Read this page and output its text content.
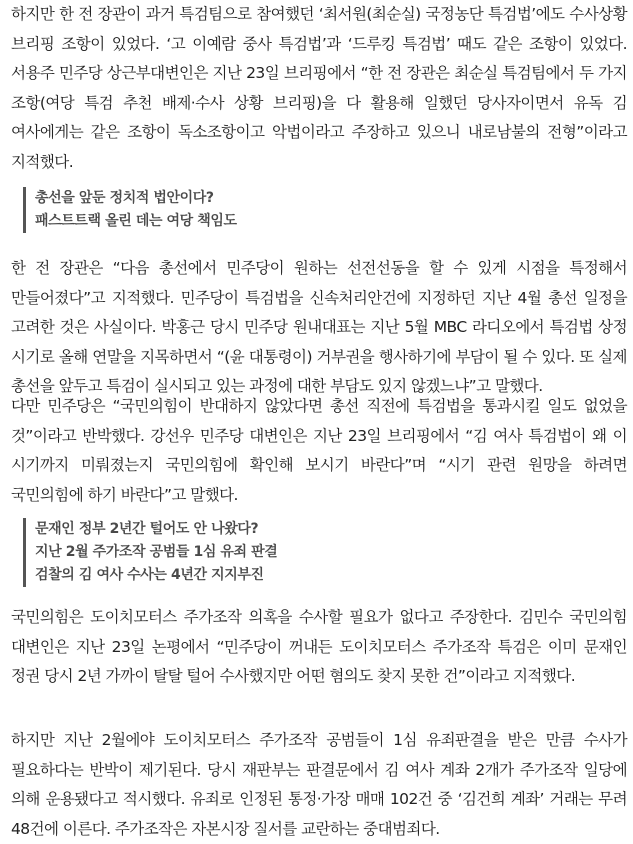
하지만 한 전 장관이 과거 특검팀으로 참여했던 ‘최서원(최순실) 국정농단 특검법’에도 수사상황 브리핑 조항이 있었다. ‘고 이예람 중사 특검법’과 ‘드루킹 특검법’ 때도 같은 조항이 있었다. 서용주 민주당 상근부대변인은 지난 23일 브리핑에서 “한 전 장관은 최순실 특검팀에서 두 가지 조항(여당 특검 추천 배제·수사 상황 브리핑)을 다 활용해 일했던 당사자이면서 유독 김 여사에게는 같은 조항이 독소조항이고 악법이라고 주장하고 있으니 내로남불의 전형”이라고 지적했다.

총선을 앞둔 정치적 법안이다?
패스트트랙 올린 데는 여당 책임도

한 전 장관은 “다음 총선에서 민주당이 원하는 선전선동을 할 수 있게 시점을 특정해서 만들어졌다”고 지적했다. 민주당이 특검법을 신속처리안건에 지정하던 지난 4월 총선 일정을 고려한 것은 사실이다. 박홍근 당시 민주당 원내대표는 지난 5월 MBC 라디오에서 특검법 상정 시기로 올해 연말을 지목하면서 “(윤 대통령이) 거부권을 행사하기에 부담이 될 수 있다. 또 실제 총선을 앞두고 특검이 실시되고 있는 과정에 대한 부담도 있지 않겠느냐”고 말했다.

다만 민주당은 “국민의힘이 반대하지 않았다면 총선 직전에 특검법을 통과시킬 일도 없었을 것”이라고 반박했다. 강선우 민주당 대변인은 지난 23일 브리핑에서 “김 여사 특검법이 왜 이 시기까지 미뤄졌는지 국민의힘에 확인해 보시기 바란다”며 “시기 관련 원망을 하려면 국민의힘에 하기 바란다”고 말했다.

문재인 정부 2년간 털어도 안 나왔다?
지난 2월 주가조작 공범들 1심 유죄 판결
검찰의 김 여사 수사는 4년간 지지부진

국민의힘은 도이치모터스 주가조작 의혹을 수사할 필요가 없다고 주장한다. 김민수 국민의힘 대변인은 지난 23일 논평에서 “민주당이 꺼내든 도이치모터스 주가조작 특검은 이미 문재인 정권 당시 2년 가까이 탈탈 털어 수사했지만 어떤 혐의도 찾지 못한 건”이라고 지적했다.

하지만 지난 2월에야 도이치모터스 주가조작 공범들이 1심 유죄판결을 받은 만큼 수사가 필요하다는 반박이 제기된다. 당시 재판부는 판결문에서 김 여사 계좌 2개가 주가조작 일당에 의해 운용됐다고 적시했다. 유죄로 인정된 통정·가장 매매 102건 중 ‘김건희 계좌’ 거래는 무려 48건에 이른다. 주가조작은 자본시장 질서를 교란하는 중대범죄다.
